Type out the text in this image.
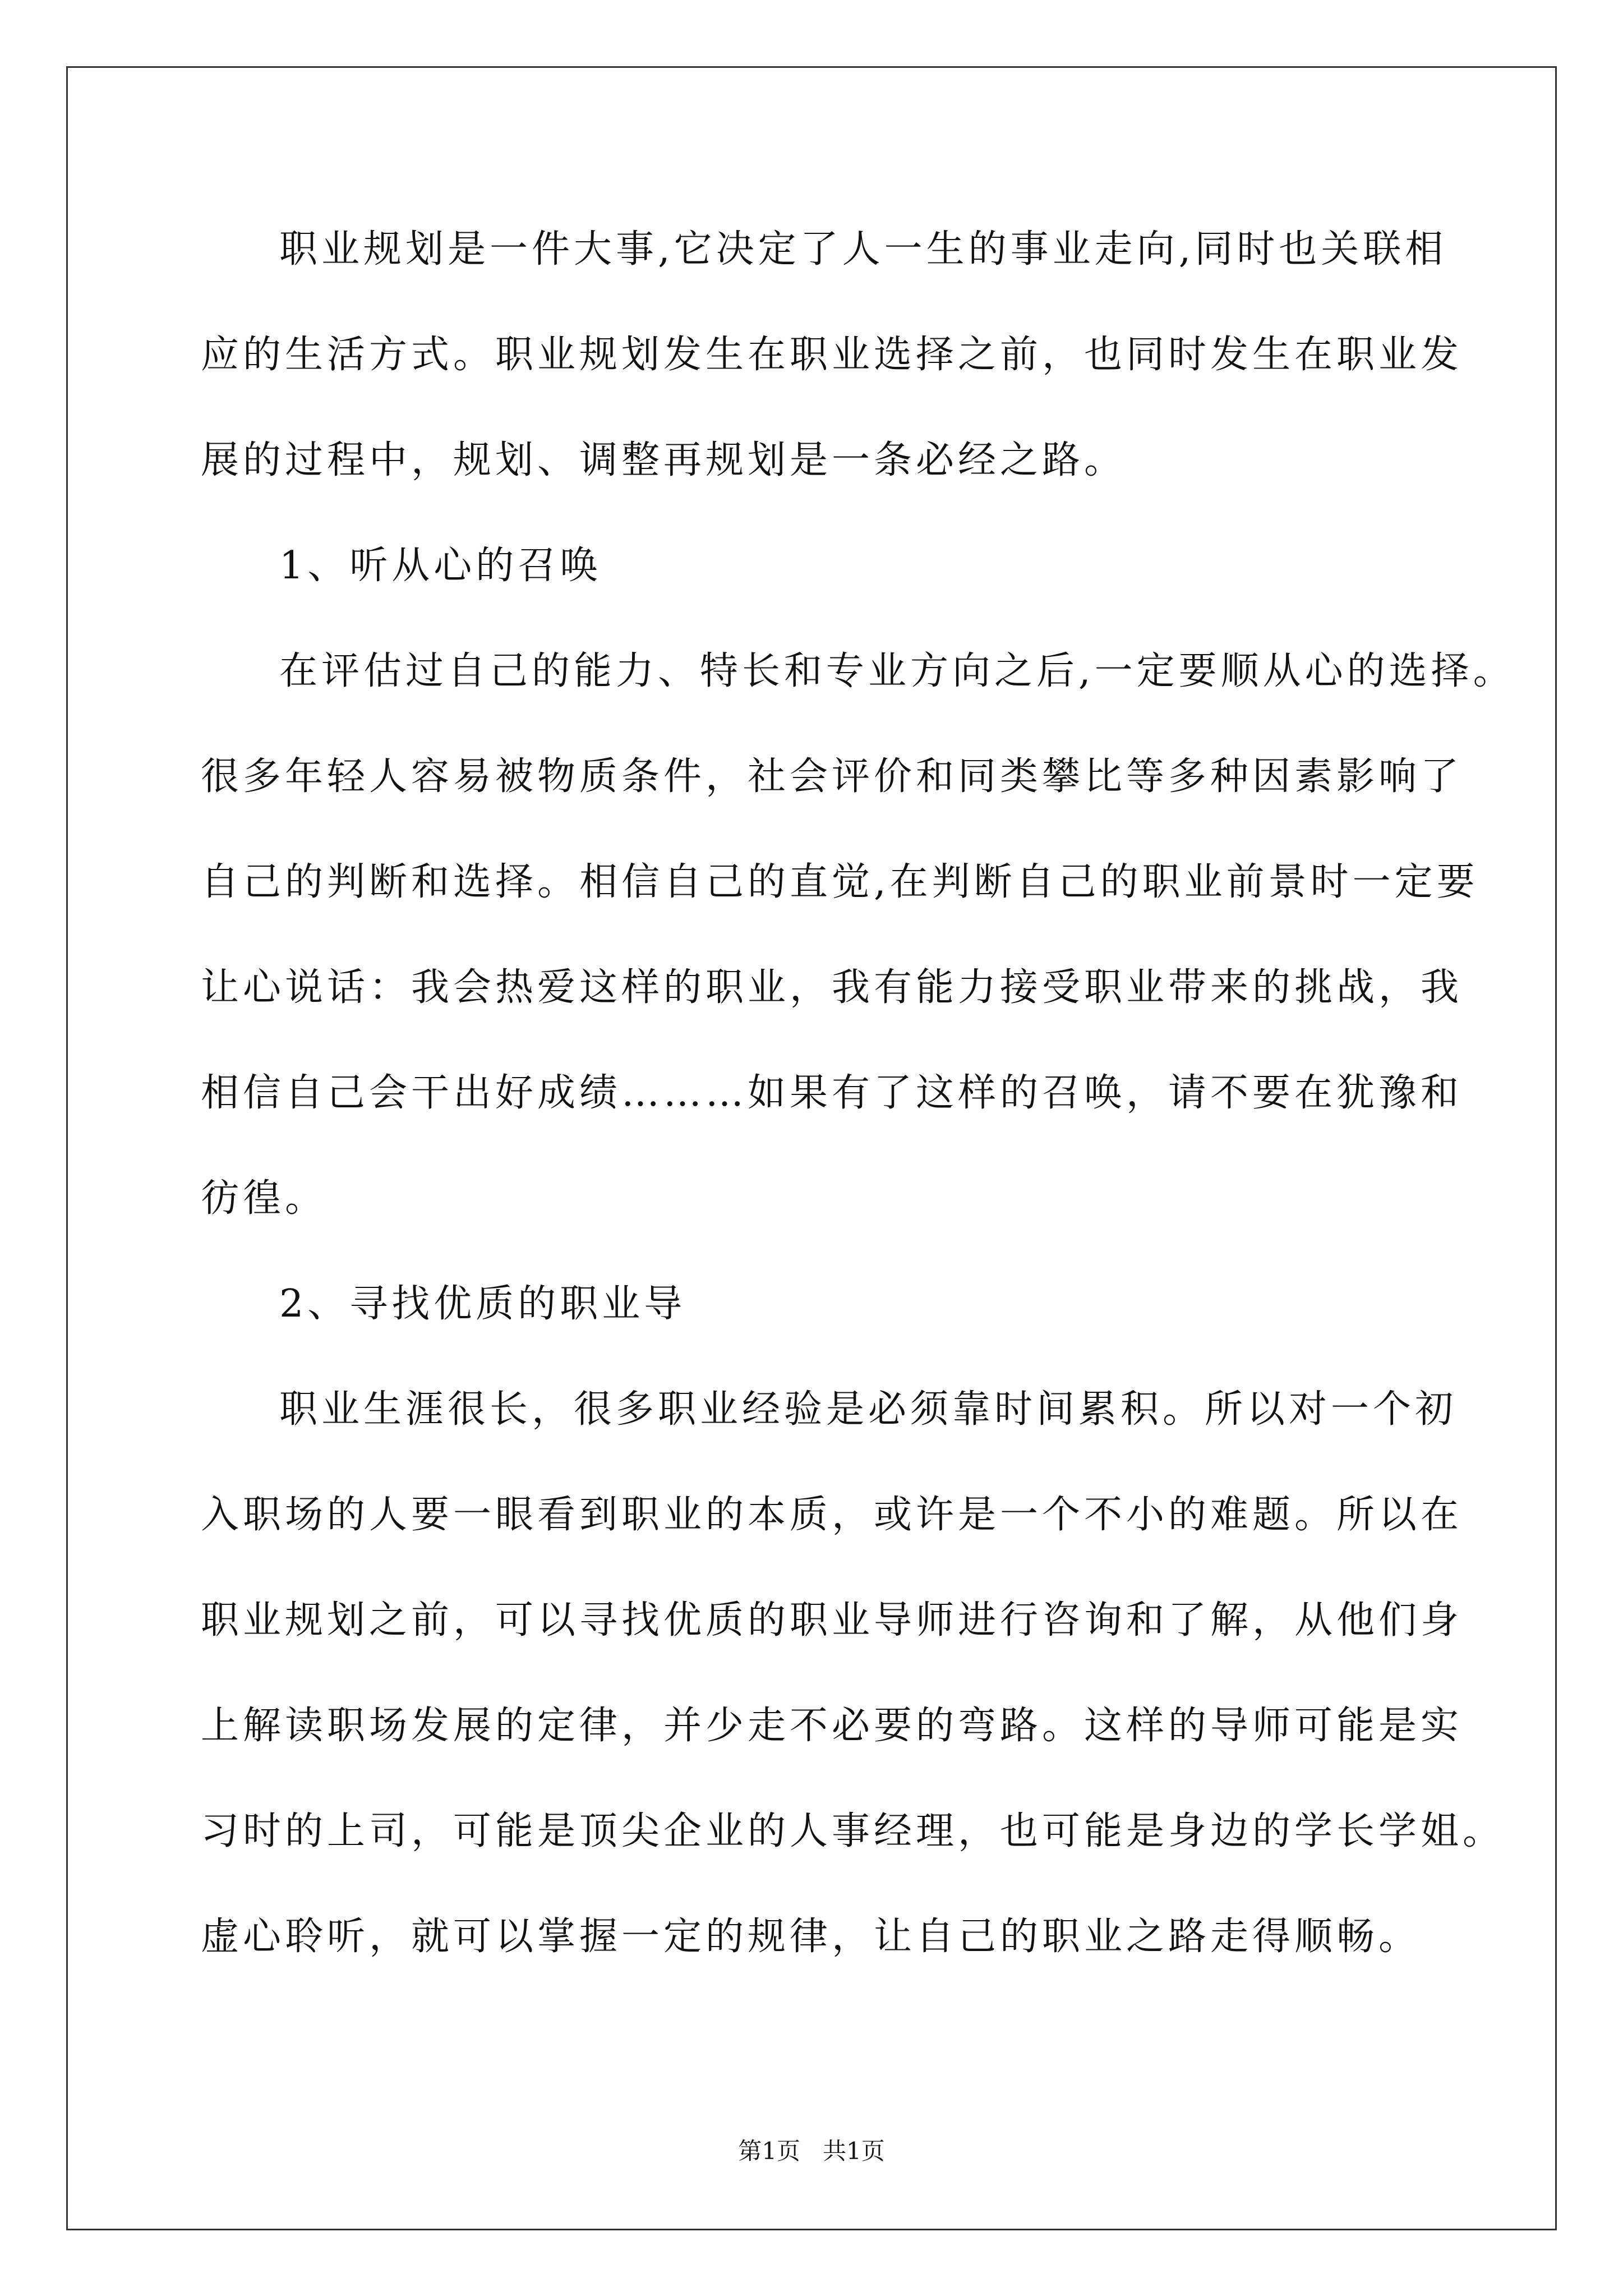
职业规划是一件大事,它决定了人一生的事业走向,同时也关联相
应的生活方式。职业规划发生在职业选择之前，也同时发生在职业发
展的过程中，规划、调整再规划是一条必经之路。
1、听从心的召唤
在评估过自己的能力、特长和专业方向之后,一定要顺从心的选择。
很多年轻人容易被物质条件，社会评价和同类攀比等多种因素影响了
自己的判断和选择。相信自己的直觉,在判断自己的职业前景时一定要
让心说话：我会热爱这样的职业，我有能力接受职业带来的挑战，我
相信自己会干出好成绩………如果有了这样的召唤，请不要在犹豫和
彷徨。
2、寻找优质的职业导
职业生涯很长，很多职业经验是必须靠时间累积。所以对一个初
入职场的人要一眼看到职业的本质，或许是一个不小的难题。所以在
职业规划之前，可以寻找优质的职业导师进行咨询和了解，从他们身
上解读职场发展的定律，并少走不必要的弯路。这样的导师可能是实
习时的上司，可能是顶尖企业的人事经理，也可能是身边的学长学姐。
虚心聆听，就可以掌握一定的规律，让自己的职业之路走得顺畅。
第1页   共1页
